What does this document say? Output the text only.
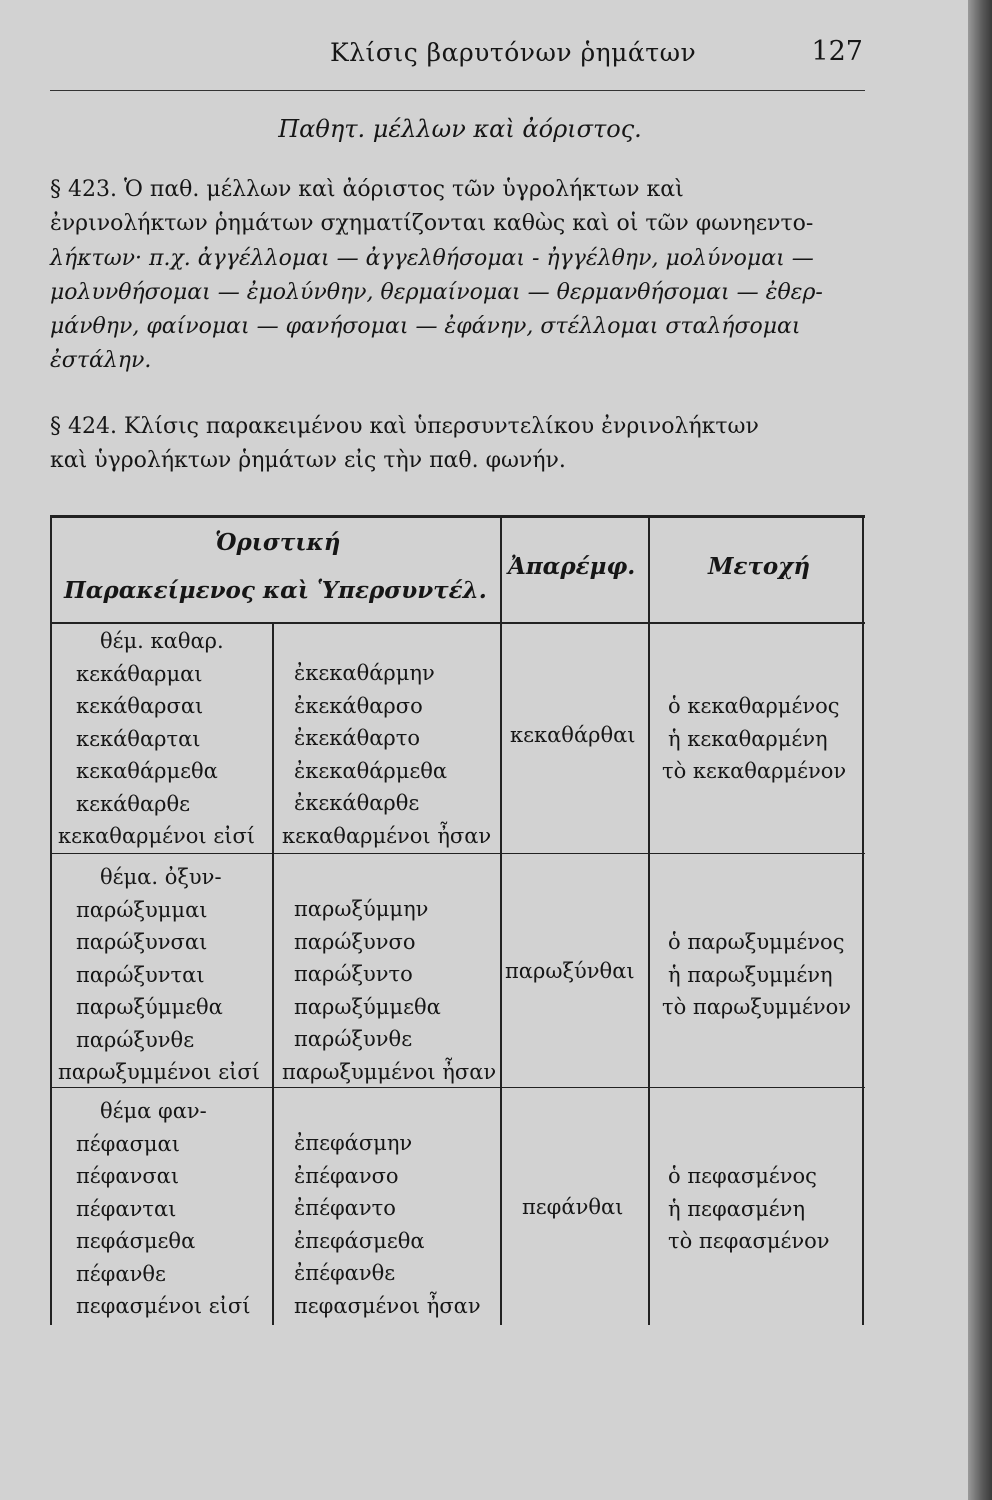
Κλίσις βαρυτόνων ῥημάτων	127
Παθητ. μέλλων καὶ ἀόριστος.
§ 423. Ὁ παθ. μέλλων καὶ ἀόριστος τῶν ὑγρολήκτων καὶ
ἐνρινολήκτων ῥημάτων σχηματίζονται καθὼς καὶ οἱ τῶν φωνηεντο-
λήκτων· π.χ. ἀγγέλλομαι — ἀγγελθήσομαι - ἠγγέλθην, μολύνομαι —
μολυνθήσομαι — ἐμολύνθην, θερμαίνομαι — θερμανθήσομαι — ἐθερ-
μάνθην, φαίνομαι — φανήσομαι — ἐφάνην, στέλλομαι σταλήσομαι
ἐστάλην.
§ 424. Κλίσις παρακειμένου καὶ ὑπερσυντελίκου ἐνρινολήκτων
καὶ ὑγρολήκτων ῥημάτων εἰς τὴν παθ. φωνήν.
Ὁριστική
Παρακείμενος καὶ Ὑπερσυντέλ.
Ἀπαρέμφ.	Μετοχή
θέμ. καθαρ.
κεκάθαρμαι
κεκάθαρσαι
κεκάθαρται
κεκαθάρμεθα
κεκάθαρθε
κεκαθαρμένοι εἰσί
ἐκεκαθάρμην
ἐκεκάθαρσο
ἐκεκάθαρτο
ἐκεκαθάρμεθα
ἐκεκάθαρθε
κεκαθαρμένοι ἦσαν
κεκαθάρθαι
ὁ κεκαθαρμένος
ἡ κεκαθαρμένη
τὸ κεκαθαρμένον
θέμα. ὀξυν-
παρώξυμμαι
παρώξυνσαι
παρώξυνται
παρωξύμμεθα
παρώξυνθε
παρωξυμμένοι εἰσί
παρωξύμμην
παρώξυνσο
παρώξυντο
παρωξύμμεθα
παρώξυνθε
παρωξυμμένοι ἦσαν
παρωξύνθαι
ὁ παρωξυμμένος
ἡ παρωξυμμένη
τὸ παρωξυμμένον
θέμα φαν-
πέφασμαι
πέφανσαι
πέφανται
πεφάσμεθα
πέφανθε
πεφασμένοι εἰσί
ἐπεφάσμην
ἐπέφανσο
ἐπέφαντο
ἐπεφάσμεθα
ἐπέφανθε
πεφασμένοι ἦσαν
πεφάνθαι
ὁ πεφασμένος
ἡ πεφασμένη
τὸ πεφασμένον
